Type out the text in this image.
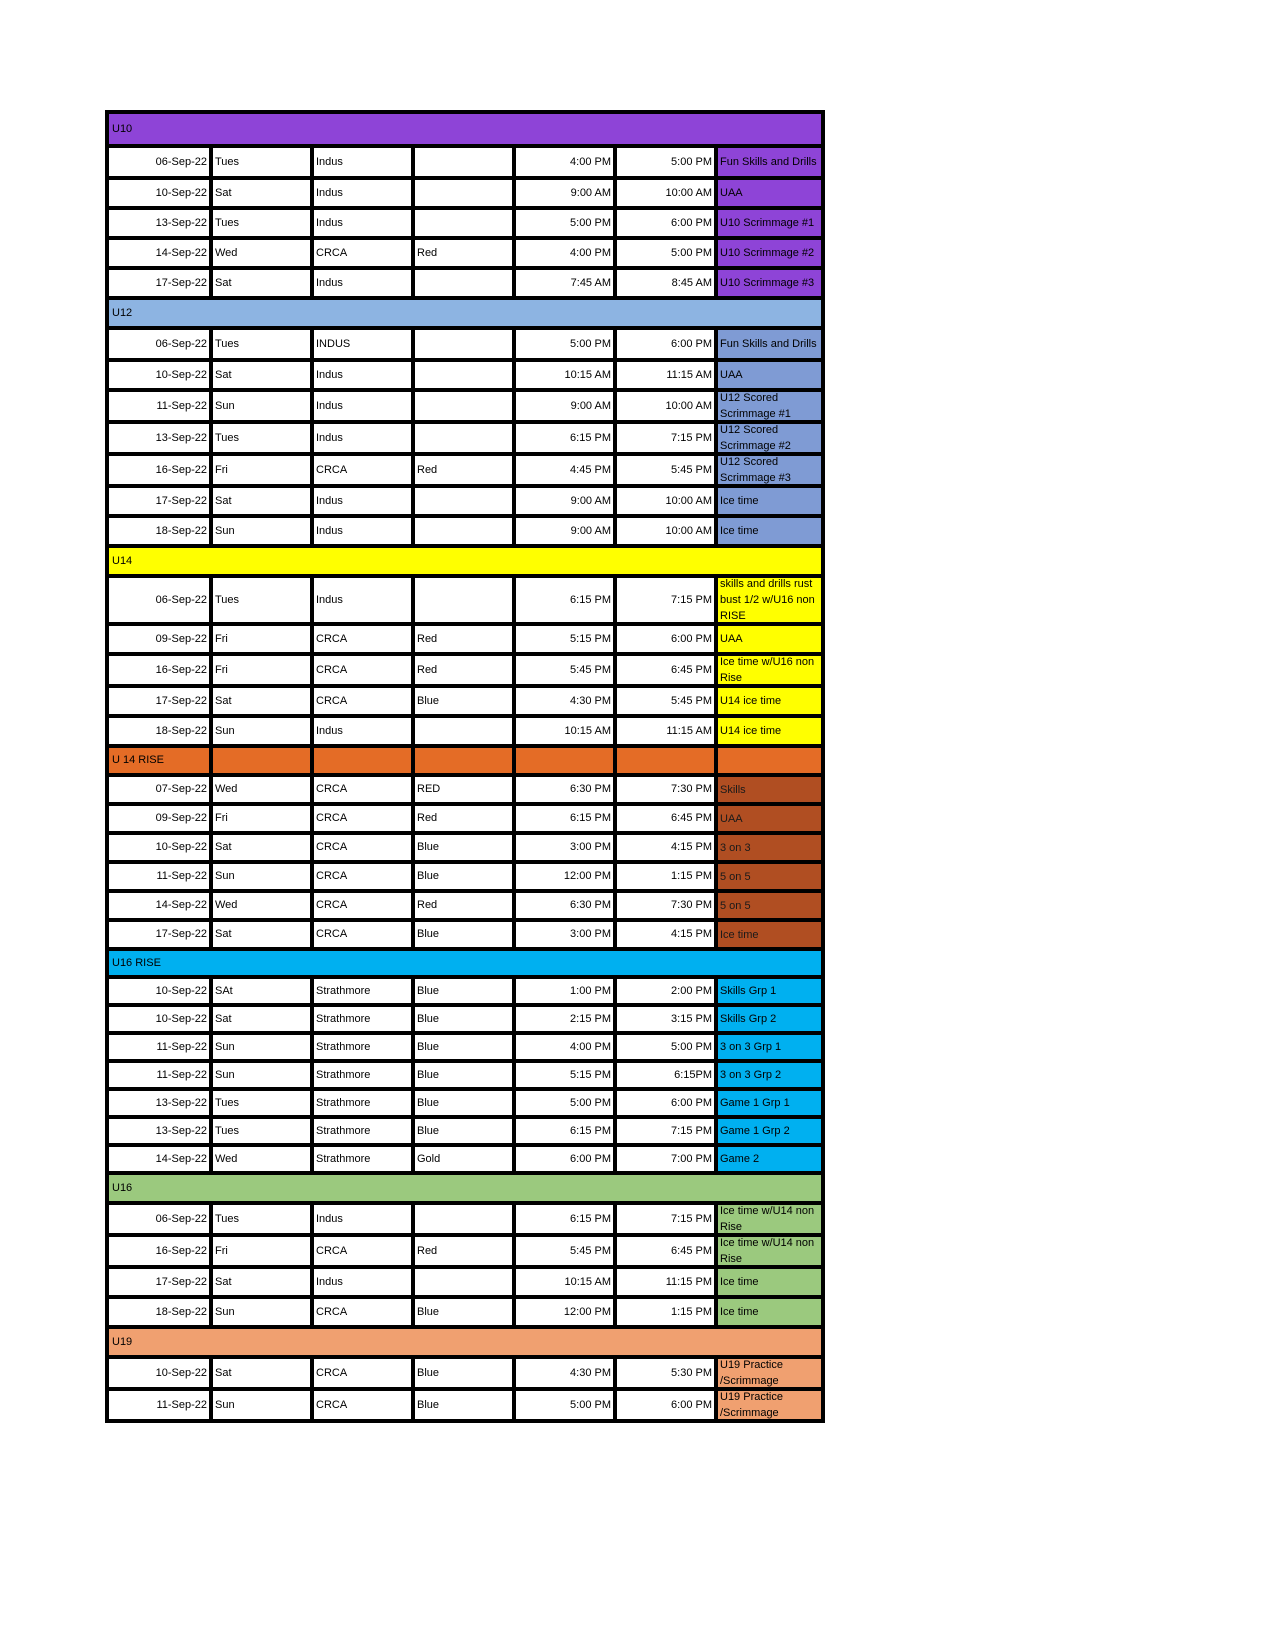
U10
06-Sep-22 Tues	Indus	4:00 PM	5:00 PM Fun Skills and Drills
10-Sep-22 Sat	Indus	9:00 AM	10:00 AM UAA
13-Sep-22 Tues	Indus	5:00 PM	6:00 PM U10 Scrimmage #1
14-Sep-22 Wed	CRCA	Red	4:00 PM	5:00 PM U10 Scrimmage #2
17-Sep-22 Sat	Indus	7:45 AM	8:45 AM U10 Scrimmage #3
U12
06-Sep-22 Tues	INDUS	5:00 PM	6:00 PM Fun Skills and Drills
10-Sep-22 Sat	Indus	10:15 AM	11:15 AM UAA
11-Sep-22 Sun	Indus	9:00 AM	10:00 AM
U12 Scored Scrimmage #1
13-Sep-22 Tues	Indus	6:15 PM	7:15 PM
U12 Scored Scrimmage #2
16-Sep-22 Fri	CRCA	Red	4:45 PM	5:45 PM
U12 Scored Scrimmage #3
17-Sep-22 Sat	Indus	9:00 AM	10:00 AM Ice time
18-Sep-22 Sun	Indus	9:00 AM	10:00 AM Ice time
U14
06-Sep-22 Tues	Indus	6:15 PM	7:15 PM
skills and drills rust bust 1/2 w/U16 non RISE
09-Sep-22 Fri	CRCA	Red	5:15 PM	6:00 PM UAA
16-Sep-22 Fri	CRCA	Red	5:45 PM	6:45 PM
Ice time w/U16 non Rise
17-Sep-22 Sat	CRCA	Blue	4:30 PM	5:45 PM U14 ice time
18-Sep-22 Sun	Indus	10:15 AM	11:15 AM U14 ice time
U 14 RISE
07-Sep-22 Wed	CRCA	RED	6:30 PM	7:30 PM Skills
09-Sep-22 Fri	CRCA	Red	6:15 PM	6:45 PM UAA
10-Sep-22 Sat	CRCA	Blue	3:00 PM	4:15 PM 3 on 3
11-Sep-22 Sun	CRCA	Blue	12:00 PM	1:15 PM 5 on 5
14-Sep-22 Wed	CRCA	Red	6:30 PM	7:30 PM 5 on 5
17-Sep-22 Sat	CRCA	Blue	3:00 PM	4:15 PM Ice time
U16 RISE
10-Sep-22 SAt	Strathmore	Blue	1:00 PM	2:00 PM Skills Grp 1
10-Sep-22 Sat	Strathmore	Blue	2:15 PM	3:15 PM Skills Grp 2
11-Sep-22 Sun	Strathmore	Blue	4:00 PM	5:00 PM 3 on 3 Grp 1
11-Sep-22 Sun	Strathmore	Blue	5:15 PM	6:15PM 3 on 3 Grp 2
13-Sep-22 Tues	Strathmore	Blue	5:00 PM	6:00 PM Game 1 Grp 1
13-Sep-22 Tues	Strathmore	Blue	6:15 PM	7:15 PM Game 1 Grp 2
14-Sep-22 Wed	Strathmore	Gold	6:00 PM	7:00 PM Game 2
U16
06-Sep-22 Tues	Indus	6:15 PM	7:15 PM
Ice time w/U14 non Rise
16-Sep-22 Fri	CRCA	Red	5:45 PM	6:45 PM
Ice time w/U14 non Rise
17-Sep-22 Sat	Indus	10:15 AM	11:15 PM Ice time
18-Sep-22 Sun	CRCA	Blue	12:00 PM	1:15 PM Ice time
U19
10-Sep-22 Sat	CRCA	Blue	4:30 PM	5:30 PM
U19 Practice /Scrimmage
11-Sep-22 Sun	CRCA	Blue	5:00 PM	6:00 PM
U19 Practice /Scrimmage
